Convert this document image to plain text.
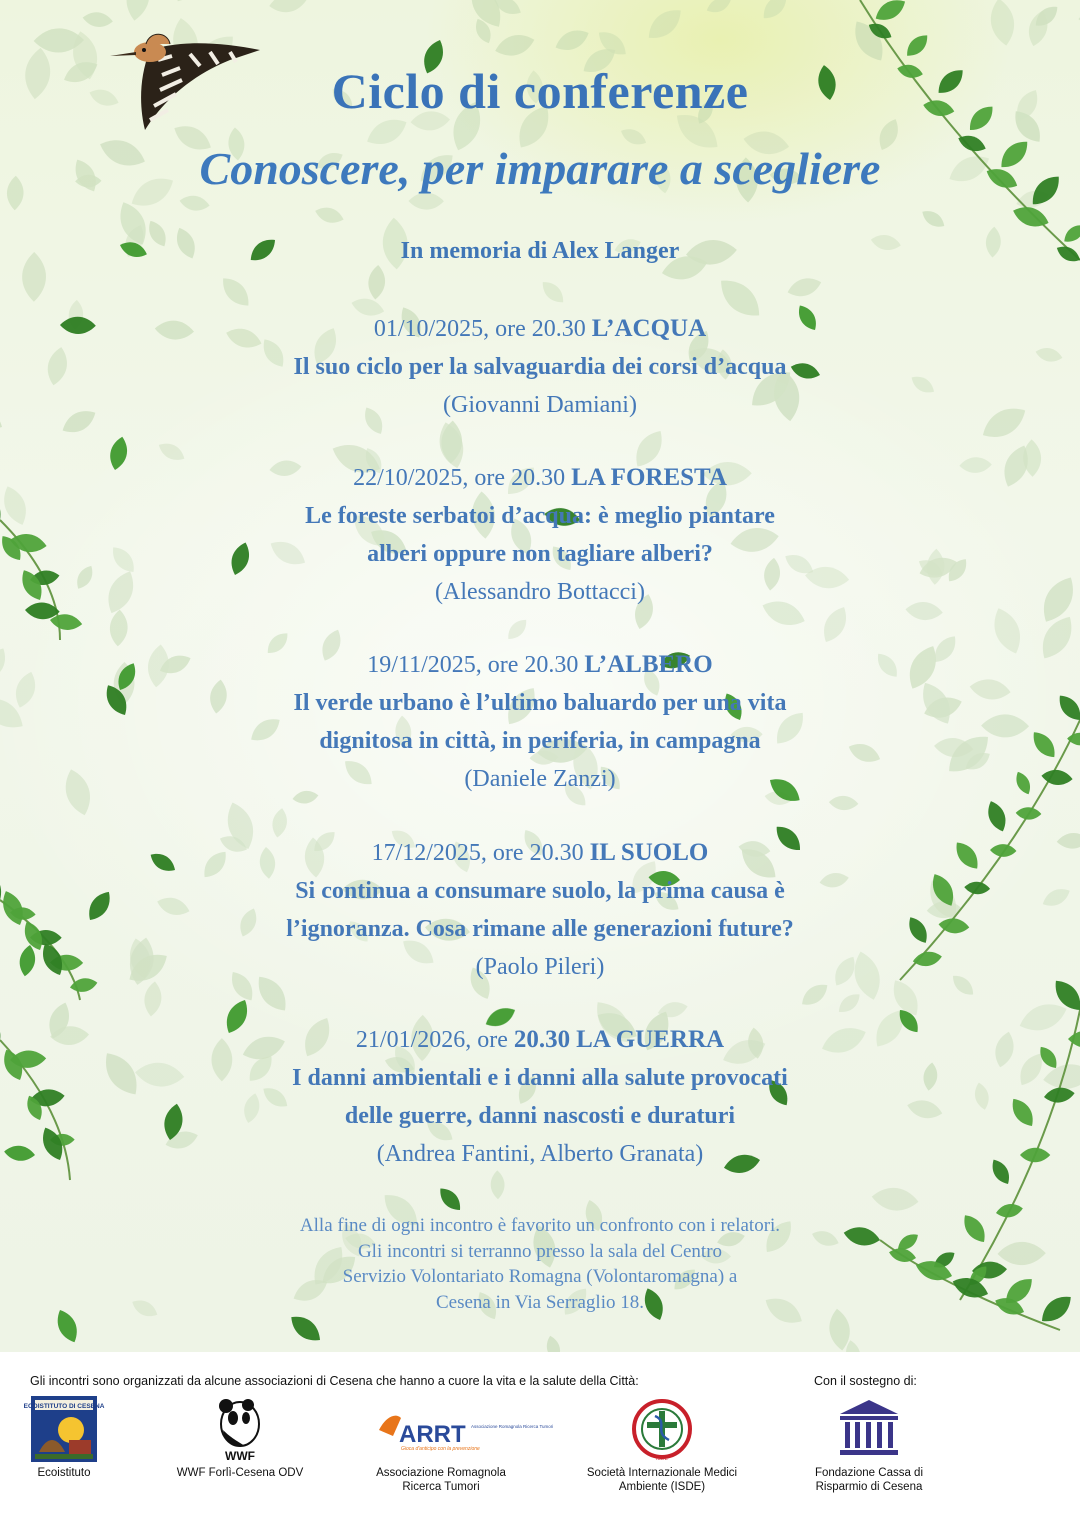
Ciclo di conferenze
Conoscere, per imparare a scegliere
In memoria di Alex Langer
01/10/2025, ore 20.30 L’ACQUA
Il suo ciclo per la salvaguardia dei corsi d’acqua
(Giovanni Damiani)
22/10/2025, ore 20.30 LA FORESTA
Le foreste serbatoi d’acqua: è meglio piantare
alberi oppure non tagliare alberi?
(Alessandro Bottacci)
19/11/2025, ore 20.30 L’ALBERO
Il verde urbano è l’ultimo baluardo per una vita
dignitosa in città, in periferia, in campagna
(Daniele Zanzi)
17/12/2025, ore 20.30 IL SUOLO
Si continua a consumare suolo, la prima causa è
l’ignoranza. Cosa rimane alle generazioni future?
(Paolo Pileri)
21/01/2026, ore 20.30 LA GUERRA
I danni ambientali e i danni alla salute provocati
delle guerre, danni nascosti e duraturi
(Andrea Fantini, Alberto Granata)
Alla fine di ogni incontro è favorito un confronto con i relatori.
Gli incontri si terranno presso la sala del Centro
Servizio Volontariato Romagna (Volontaromagna) a
Cesena in Via Serraglio 18.
Gli incontri sono organizzati da alcune associazioni di Cesena che hanno a cuore la vita e la salute della Città:	Con il sostegno di:
ECOISTITUTO DI CESENA
Ecoistituto
WWF
WWF Forlì-Cesena ODV
ARRT Associazione Romagnola Ricerca Tumori
Gioca d'anticipo con la prevenzione
Associazione Romagnola
Ricerca Tumori
ISDE
Società Internazionale Medici
Ambiente (ISDE)
Fondazione Cassa di
Risparmio di Cesena
